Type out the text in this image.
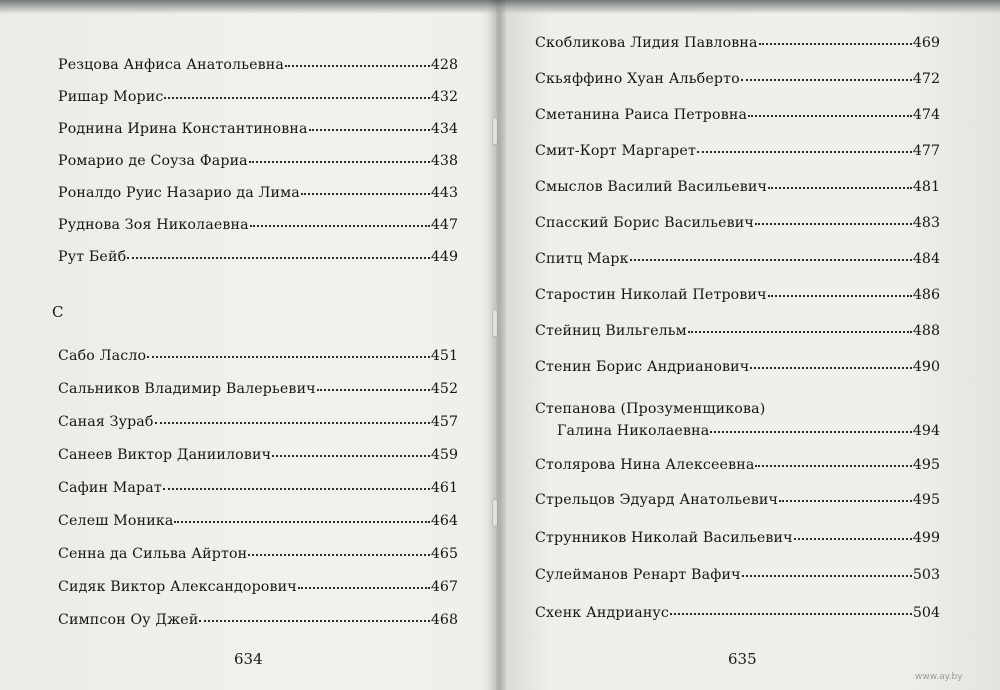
Резцова Анфиса Анатольевна	428
Ришар Морис	432
Роднина Ирина Константиновна	434
Ромарио де Соуза Фариа	438
Роналдо Руис Назарио да Лима	443
Руднова Зоя Николаевна	447
Рут Бейб	449
С
Сабо Ласло	451
Сальников Владимир Валерьевич	452
Саная Зураб	457
Санеев Виктор Даниилович	459
Сафин Марат	461
Селеш Моника	464
Сенна да Сильва Айртон	465
Сидяк Виктор Александорович	467
Симпсон Оу Джей	468
634
Скобликова Лидия Павловна	469
Скьяффино Хуан Альберто	472
Сметанина Раиса Петровна	474
Смит-Корт Маргарет	477
Смыслов Василий Васильевич	481
Спасский Борис Васильевич	483
Спитц Марк	484
Старостин Николай Петрович	486
Стейниц Вильгельм	488
Стенин Борис Андрианович	490
Степанова (Прозуменщикова)
Галина Николаевна	494
Столярова Нина Алексеевна	495
Стрельцов Эдуард Анатольевич	495
Струнников Николай Васильевич	499
Сулейманов Ренарт Вафич	503
Схенк Андрианус	504
635
www.ay.by
